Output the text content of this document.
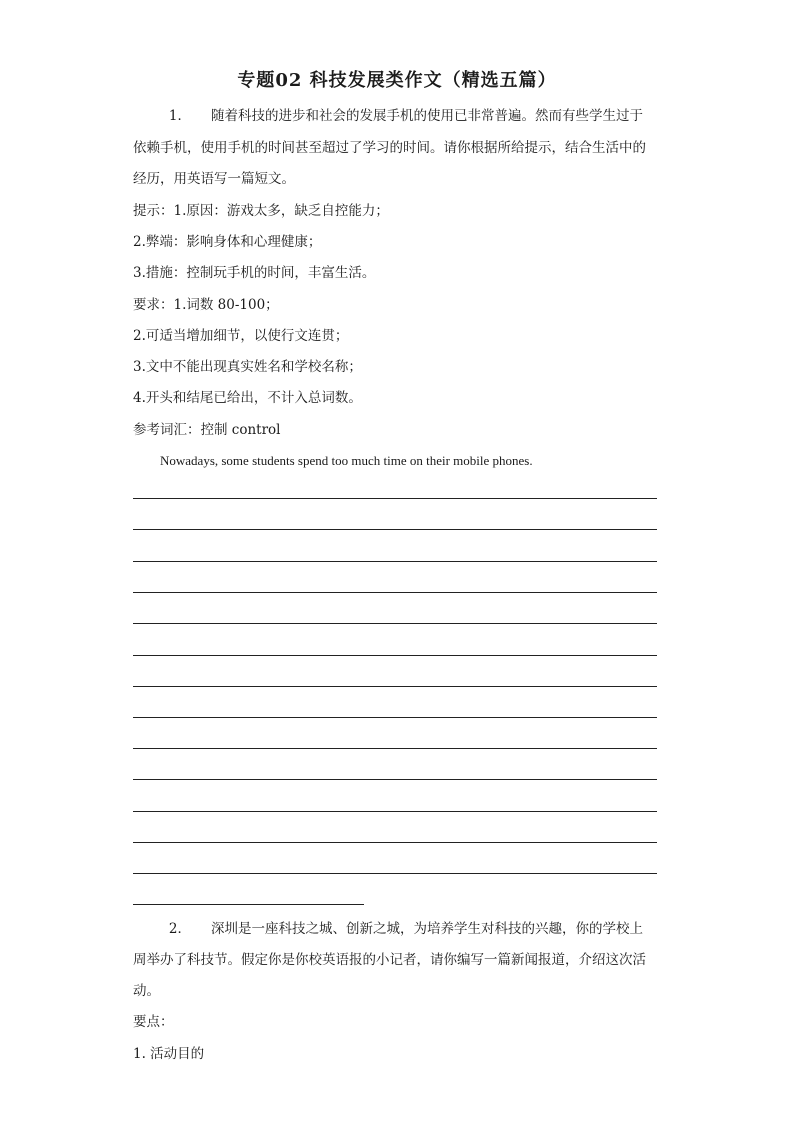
专题02 科技发展类作文（精选五篇）
1． 随着科技的进步和社会的发展手机的使用已非常普遍。然而有些学生过于
依赖手机，使用手机的时间甚至超过了学习的时间。请你根据所给提示，结合生活中的
经历，用英语写一篇短文。
提示：1.原因：游戏太多，缺乏自控能力；
2.弊端：影响身体和心理健康；
3.措施：控制玩手机的时间，丰富生活。
要求：1.词数 80-100；
2.可适当增加细节，以使行文连贯；
3.文中不能出现真实姓名和学校名称；
4.开头和结尾已给出，不计入总词数。
参考词汇：控制 control
Nowadays, some students spend too much time on their mobile phones.
2． 深圳是一座科技之城、创新之城，为培养学生对科技的兴趣，你的学校上
周举办了科技节。假定你是你校英语报的小记者，请你编写一篇新闻报道，介绍这次活
动。
要点：
1. 活动目的
